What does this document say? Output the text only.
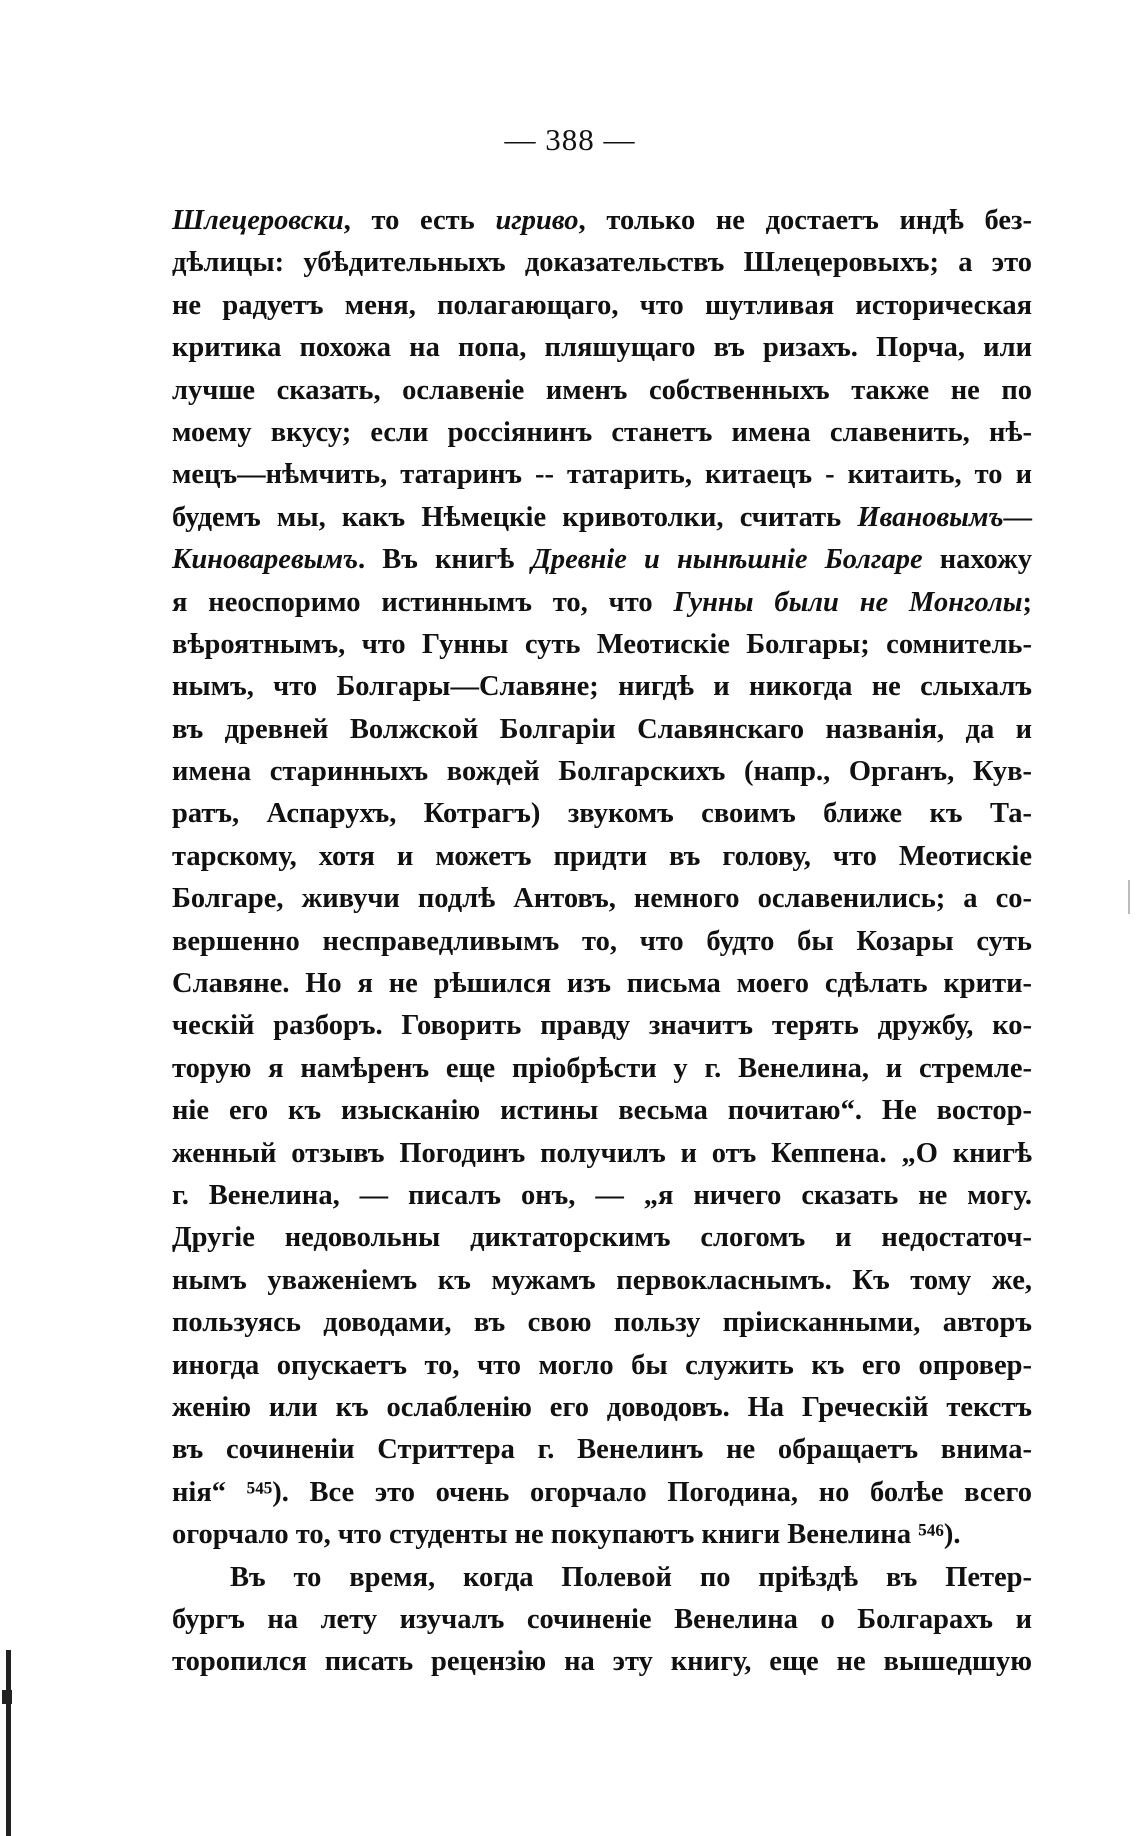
— 388 —
Шлецеровски, то есть игриво, только не достаетъ индѣ без-
дѣлицы: убѣдительныхъ доказательствъ Шлецеровыхъ; а это
не радуетъ меня, полагающаго, что шутливая историческая
критика похожа на попа, пляшущаго въ ризахъ. Порча, или
лучше сказать, ославеніе именъ собственныхъ также не по
моему вкусу; если россіянинъ станетъ имена славенить, нѣ-
мецъ—нѣмчить, татаринъ -- татарить, китаецъ - китаить, то и
будемъ мы, какъ Нѣмецкіе кривотолки, считать Ивановымъ—
Киноваревымъ. Въ книгѣ Древніе и нынѣшніе Болгаре нахожу
я неоспоримо истиннымъ то, что Гунны были не Монголы;
вѣроятнымъ, что Гунны суть Меотискіе Болгары; сомнитель-
нымъ, что Болгары—Славяне; нигдѣ и никогда не слыхалъ
въ древней Волжской Болгаріи Славянскаго названія, да и
имена старинныхъ вождей Болгарскихъ (напр., Органъ, Кув-
ратъ, Аспарухъ, Котрагъ) звукомъ своимъ ближе къ Та-
тарскому, хотя и можетъ придти въ голову, что Меотискіе
Болгаре, живучи подлѣ Антовъ, немного ославенились; а со-
вершенно несправедливымъ то, что будто бы Козары суть
Славяне. Но я не рѣшился изъ письма моего сдѣлать крити-
ческій разборъ. Говорить правду значитъ терять дружбу, ко-
торую я намѣренъ еще пріобрѣсти у г. Венелина, и стремле-
ніе его къ изысканію истины весьма почитаю“. Не востор-
женный отзывъ Погодинъ получилъ и отъ Кеппена. „О книгѣ
г. Венелина, — писалъ онъ, — „я ничего сказать не могу.
Другіе недовольны диктаторскимъ слогомъ и недостаточ-
нымъ уваженіемъ къ мужамъ первокласнымъ. Къ тому же,
пользуясь доводами, въ свою пользу пріисканными, авторъ
иногда опускаетъ то, что могло бы служить къ его опровер-
женію или къ ослабленію его доводовъ. На Греческій текстъ
въ сочиненіи Стриттера г. Венелинъ не обращаетъ внима-
нія“ ⁵⁴⁵). Все это очень огорчало Погодина, но болѣе всего
огорчало то, что студенты не покупаютъ книги Венелина ⁵⁴⁶).
Въ то время, когда Полевой по пріѣздѣ въ Петер-
бургъ на лету изучалъ сочиненіе Венелина о Болгарахъ и
торопился писать рецензію на эту книгу, еще не вышедшую
